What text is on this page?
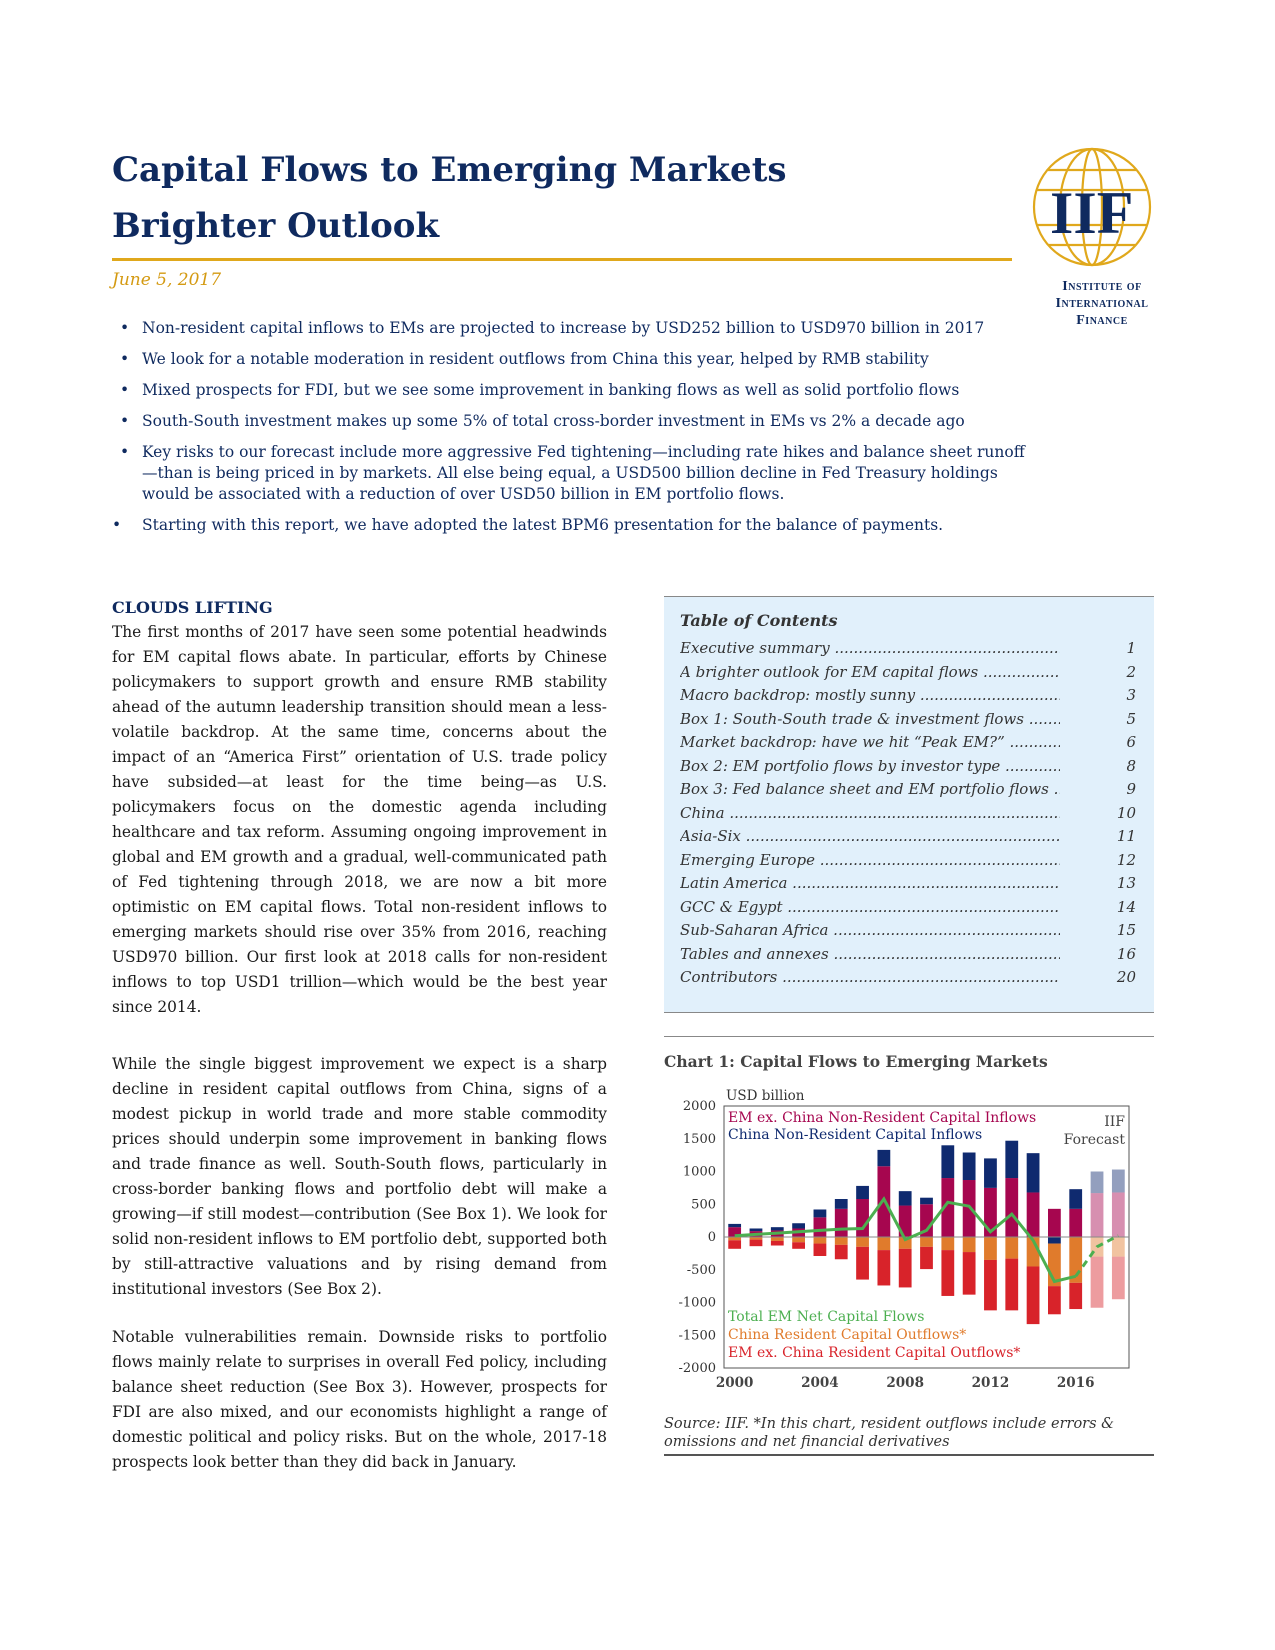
Capital Flows to Emerging Markets
Brighter Outlook
June 5, 2017
IIF
Institute of
International
Finance
• Non-resident capital inflows to EMs are projected to increase by USD252 billion to USD970 billion in 2017
• We look for a notable moderation in resident outflows from China this year, helped by RMB stability
• Mixed prospects for FDI, but we see some improvement in banking flows as well as solid portfolio flows
• South-South investment makes up some 5% of total cross-border investment in EMs vs 2% a decade ago
• Key risks to our forecast include more aggressive Fed tightening—including rate hikes and balance sheet runoff—than is being priced in by markets. All else being equal, a USD500 billion decline in Fed Treasury holdings would be associated with a reduction of over USD50 billion in EM portfolio flows.
• Starting with this report, we have adopted the latest BPM6 presentation for the balance of payments.
CLOUDS LIFTING

The first months of 2017 have seen some potential headwinds for EM capital flows abate. In particular, efforts by Chinese policymakers to support growth and ensure RMB stability ahead of the autumn leadership transition should mean a less-volatile backdrop. At the same time, concerns about the impact of an “America First” orientation of U.S. trade policy have subsided—at least for the time being—as U.S. policymakers focus on the domestic agenda including healthcare and tax reform. Assuming ongoing improvement in global and EM growth and a gradual, well-communicated path of Fed tightening through 2018, we are now a bit more optimistic on EM capital flows. Total non-resident inflows to emerging markets should rise over 35% from 2016, reaching USD970 billion. Our first look at 2018 calls for non-resident inflows to top USD1 trillion—which would be the best year since 2014.

While the single biggest improvement we expect is a sharp decline in resident capital outflows from China, signs of a modest pickup in world trade and more stable commodity prices should underpin some improvement in banking flows and trade finance as well. South-South flows, particularly in cross-border banking flows and portfolio debt will make a growing—if still modest—contribution (See Box 1). We look for solid non-resident inflows to EM portfolio debt, supported both by still-attractive valuations and by rising demand from institutional investors (See Box 2).

Notable vulnerabilities remain. Downside risks to portfolio flows mainly relate to surprises in overall Fed policy, including balance sheet reduction (See Box 3). However, prospects for FDI are also mixed, and our economists highlight a range of domestic political and policy risks. But on the whole, 2017-18 prospects look better than they did back in January.

Table of Contents
Executive summary .....	1
A brighter outlook for EM capital flows .....	2
Macro backdrop: mostly sunny .....	3
Box 1: South-South trade & investment flows .....	5
Market backdrop: have we hit “Peak EM?” .....	6
Box 2: EM portfolio flows by investor type .....	8
Box 3: Fed balance sheet and EM portfolio flows .....	9
China .....	10
Asia-Six .....	11
Emerging Europe .....	12
Latin America .....	13
GCC & Egypt .....	14
Sub-Saharan Africa .....	15
Tables and annexes .....	16
Contributors .....	20
Chart 1: Capital Flows to Emerging Markets
2000
1500
1000
500
0
-500
-1000
-1500
-2000
USD billion
2000	2004	2008	2012	2016
EM ex. China Non-Resident Capital Inflows
China Non-Resident Capital Inflows
Total EM Net Capital Flows
China Resident Capital Outflows*
EM ex. China Resident Capital Outflows*
IIF
Forecast
Source: IIF. *In this chart, resident outflows include errors & omissions and net financial derivatives
